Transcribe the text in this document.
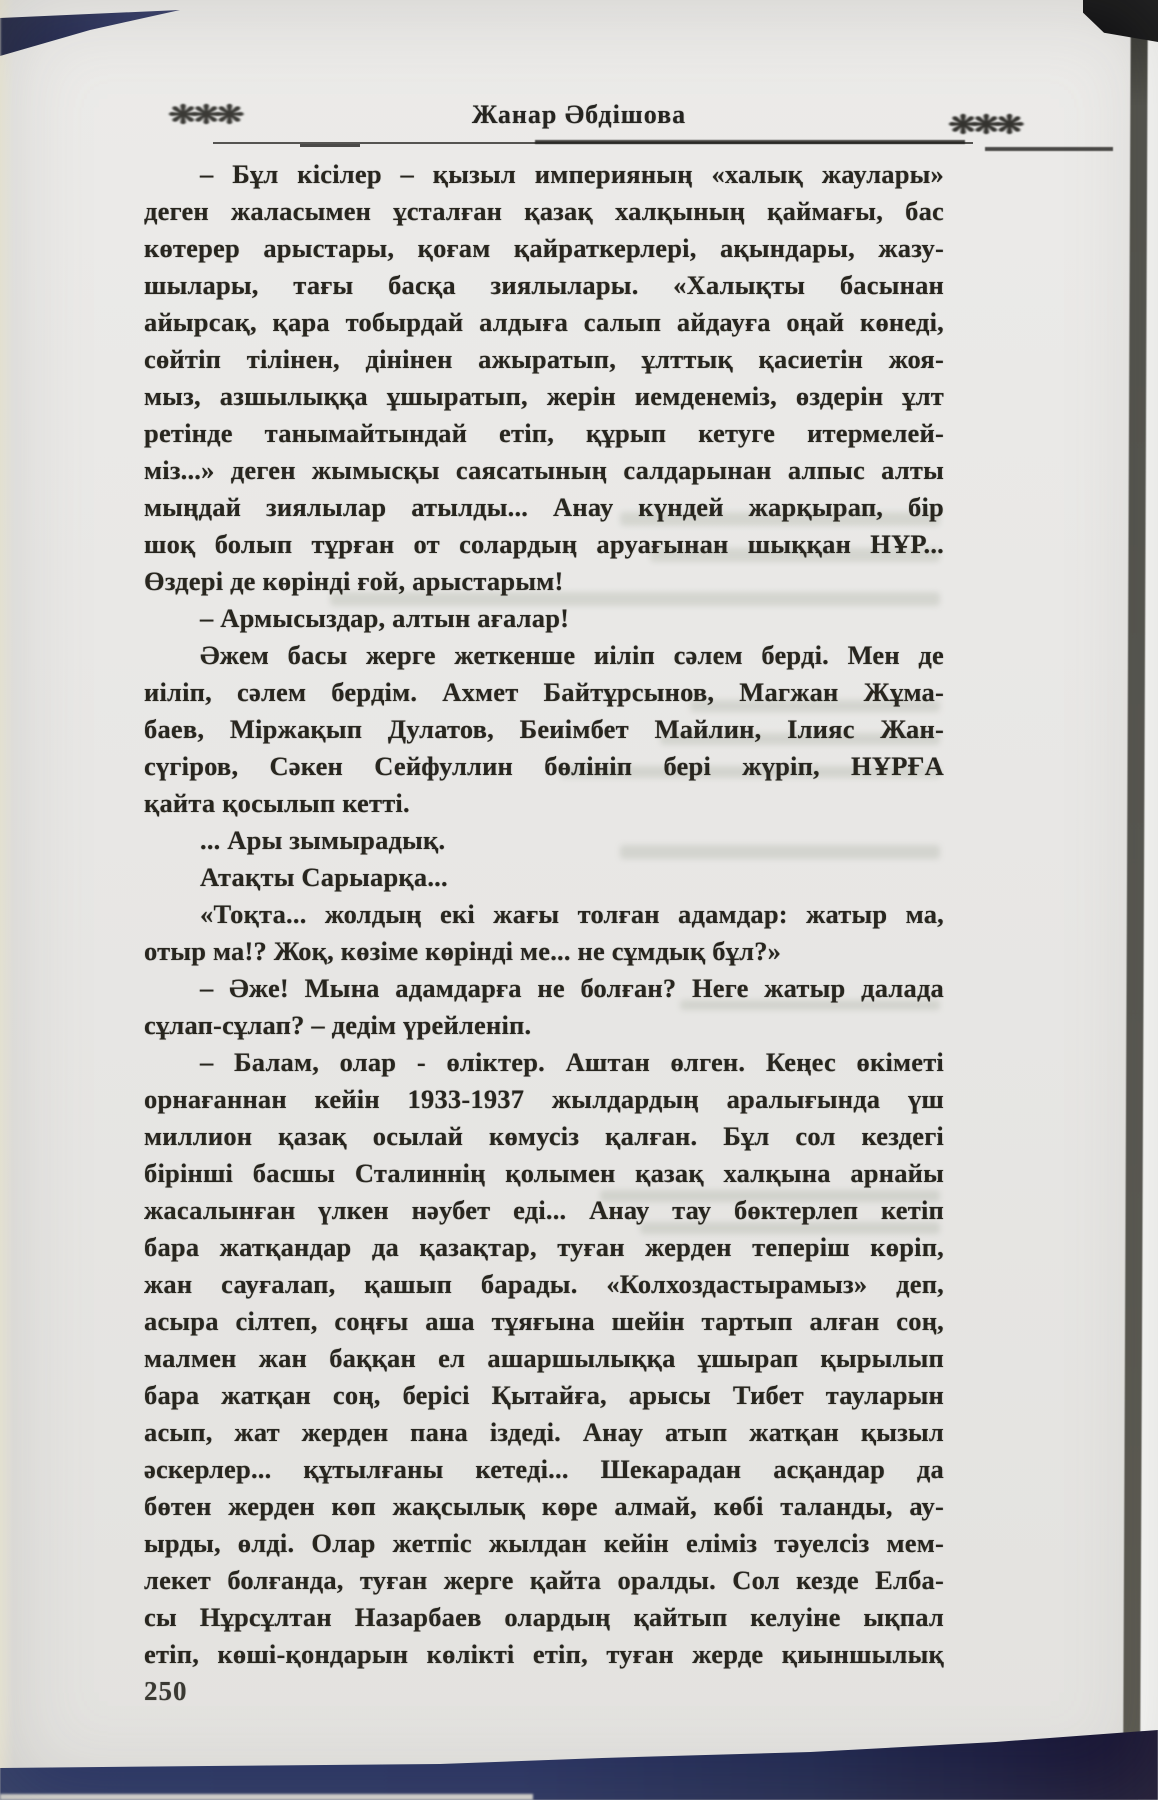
❋❋❋	Жанар Әбдішова	❋❋❋
– Бұл кісілер – қызыл империяның «халық жаулары»
деген жаласымен ұсталған қазақ халқының қаймағы, бас
көтерер арыстары, қоғам қайраткерлері, ақындары, жазу-
шылары, тағы басқа зиялылары. «Халықты басынан
айырсақ, қара тобырдай алдыға салып айдауға оңай көнеді,
сөйтіп тілінен, дінінен ажыратып, ұлттық қасиетін жоя-
мыз, азшылыққа ұшыратып, жерін иемденеміз, өздерін ұлт
ретінде танымайтындай етіп, құрып кетуге итермелей-
міз...» деген жымысқы саясатының салдарынан алпыс алты
мыңдай зиялылар атылды... Анау күндей жарқырап, бір
шоқ болып тұрған от солардың аруағынан шыққан НҰР...
Өздері де көрінді ғой, арыстарым!
– Армысыздар, алтын ағалар!
Әжем басы жерге жеткенше иіліп сәлем берді. Мен де
иіліп, сәлем бердім. Ахмет Байтұрсынов, Магжан Жұма-
баев, Міржақып Дулатов, Беиімбет Майлин, Ілияс Жан-
сүгіров, Сәкен Сейфуллин бөлініп бері жүріп, НҰРҒА
қайта қосылып кетті.
... Ары зымырадық.
Атақты Сарыарқа...
«Тоқта... жолдың екі жағы толған адамдар: жатыр ма,
отыр ма!? Жоқ, көзіме көрінді ме... не сұмдық бұл?»
– Әже! Мына адамдарға не болған? Неге жатыр далада
сұлап-сұлап? – дедім үрейленіп.
– Балам, олар - өліктер. Аштан өлген. Кеңес өкіметі
орнағаннан кейін 1933-1937 жылдардың аралығында үш
миллион қазақ осылай көмусіз қалған. Бұл сол кездегі
бірінші басшы Сталиннің қолымен қазақ халқына арнайы
жасалынған үлкен нәубет еді... Анау тау бөктерлеп кетіп
бара жатқандар да қазақтар, туған жерден теперіш көріп,
жан сауғалап, қашып барады. «Колхоздастырамыз» деп,
асыра сілтеп, соңғы аша тұяғына шейін тартып алған соң,
малмен жан баққан ел ашаршылыққа ұшырап қырылып
бара жатқан соң, берісі Қытайға, арысы Тибет тауларын
асып, жат жерден пана іздеді. Анау атып жатқан қызыл
әскерлер... құтылғаны кетеді... Шекарадан асқандар да
бөтен жерден көп жақсылық көре алмай, көбі таланды, ау-
ырды, өлді. Олар жетпіс жылдан кейін еліміз тәуелсіз мем-
лекет болғанда, туған жерге қайта оралды. Сол кезде Елба-
сы Нұрсұлтан Назарбаев олардың қайтып келуіне ықпал
етіп, көші-қондарын көлікті етіп, туған жерде қиыншылық
250
